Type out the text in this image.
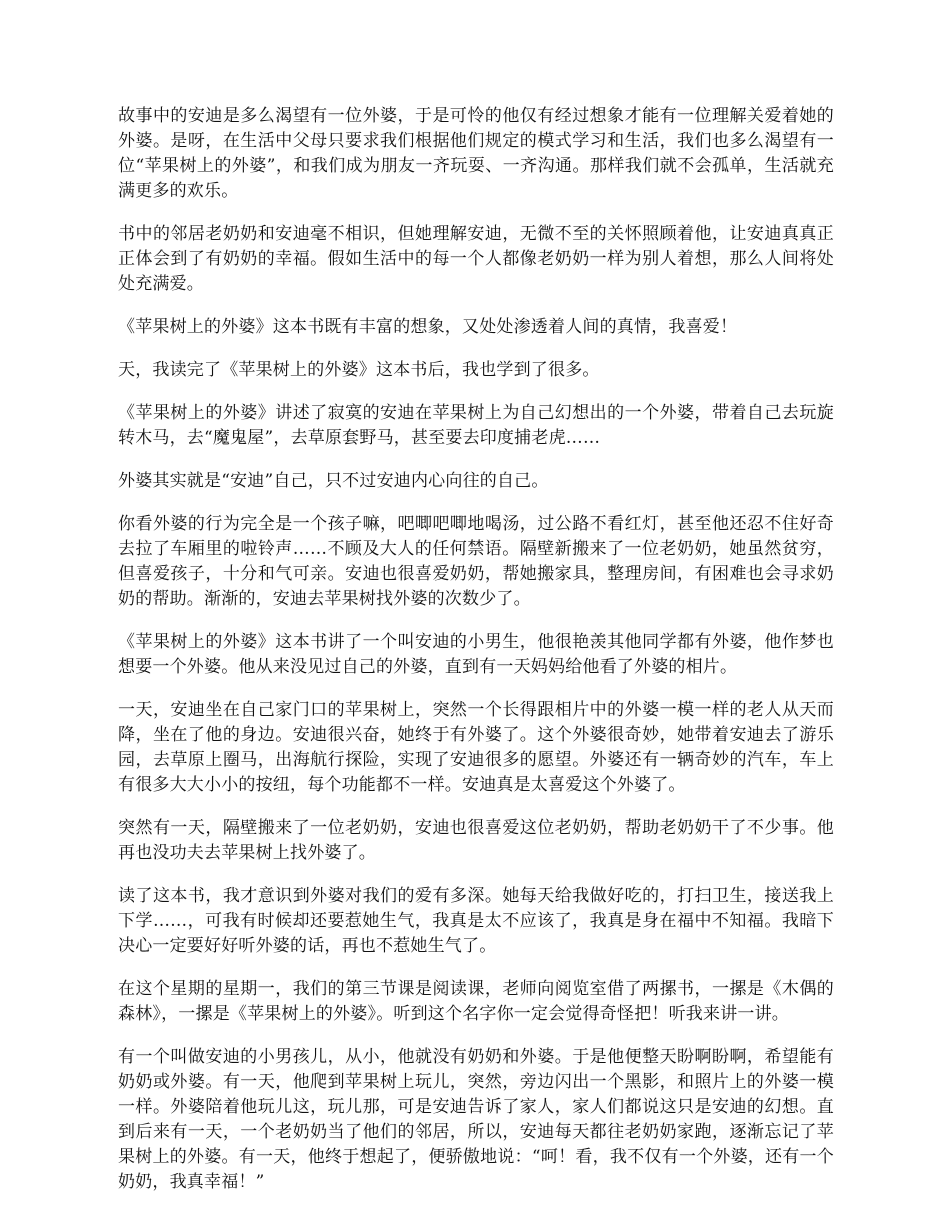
故事中的安迪是多么渴望有一位外婆，于是可怜的他仅有经过想象才能有一位理解关爱着她的外婆。是呀，在生活中父母只要求我们根据他们规定的模式学习和生活，我们也多么渴望有一位“苹果树上的外婆”，和我们成为朋友一齐玩耍、一齐沟通。那样我们就不会孤单，生活就充满更多的欢乐。

书中的邻居老奶奶和安迪毫不相识，但她理解安迪，无微不至的关怀照顾着他，让安迪真真正正体会到了有奶奶的幸福。假如生活中的每一个人都像老奶奶一样为别人着想，那么人间将处处充满爱。

《苹果树上的外婆》这本书既有丰富的想象，又处处渗透着人间的真情，我喜爱！

天，我读完了《苹果树上的外婆》这本书后，我也学到了很多。

《苹果树上的外婆》讲述了寂寞的安迪在苹果树上为自己幻想出的一个外婆，带着自己去玩旋转木马，去“魔鬼屋”，去草原套野马，甚至要去印度捕老虎……

外婆其实就是“安迪”自己，只不过安迪内心向往的自己。

你看外婆的行为完全是一个孩子嘛，吧唧吧唧地喝汤，过公路不看红灯，甚至他还忍不住好奇去拉了车厢里的啦铃声……不顾及大人的任何禁语。隔壁新搬来了一位老奶奶，她虽然贫穷，但喜爱孩子，十分和气可亲。安迪也很喜爱奶奶，帮她搬家具，整理房间，有困难也会寻求奶奶的帮助。渐渐的，安迪去苹果树找外婆的次数少了。

《苹果树上的外婆》这本书讲了一个叫安迪的小男生，他很艳羡其他同学都有外婆，他作梦也想要一个外婆。他从来没见过自己的外婆，直到有一天妈妈给他看了外婆的相片。

一天，安迪坐在自己家门口的苹果树上，突然一个长得跟相片中的外婆一模一样的老人从天而降，坐在了他的身边。安迪很兴奋，她终于有外婆了。这个外婆很奇妙，她带着安迪去了游乐园，去草原上圈马，出海航行探险，实现了安迪很多的愿望。外婆还有一辆奇妙的汽车，车上有很多大大小小的按纽，每个功能都不一样。安迪真是太喜爱这个外婆了。

突然有一天，隔壁搬来了一位老奶奶，安迪也很喜爱这位老奶奶，帮助老奶奶干了不少事。他再也没功夫去苹果树上找外婆了。

读了这本书，我才意识到外婆对我们的爱有多深。她每天给我做好吃的，打扫卫生，接送我上下学……，可我有时候却还要惹她生气，我真是太不应该了，我真是身在福中不知福。我暗下决心一定要好好听外婆的话，再也不惹她生气了。

在这个星期的星期一，我们的第三节课是阅读课，老师向阅览室借了两摞书，一摞是《木偶的森林》，一摞是《苹果树上的外婆》。听到这个名字你一定会觉得奇怪把！听我来讲一讲。

有一个叫做安迪的小男孩儿，从小，他就没有奶奶和外婆。于是他便整天盼啊盼啊，希望能有奶奶或外婆。有一天，他爬到苹果树上玩儿，突然，旁边闪出一个黑影，和照片上的外婆一模一样。外婆陪着他玩儿这，玩儿那，可是安迪告诉了家人，家人们都说这只是安迪的幻想。直到后来有一天，一个老奶奶当了他们的邻居，所以，安迪每天都往老奶奶家跑，逐渐忘记了苹果树上的外婆。有一天，他终于想起了，便骄傲地说：“呵！看，我不仅有一个外婆，还有一个奶奶，我真幸福！”
